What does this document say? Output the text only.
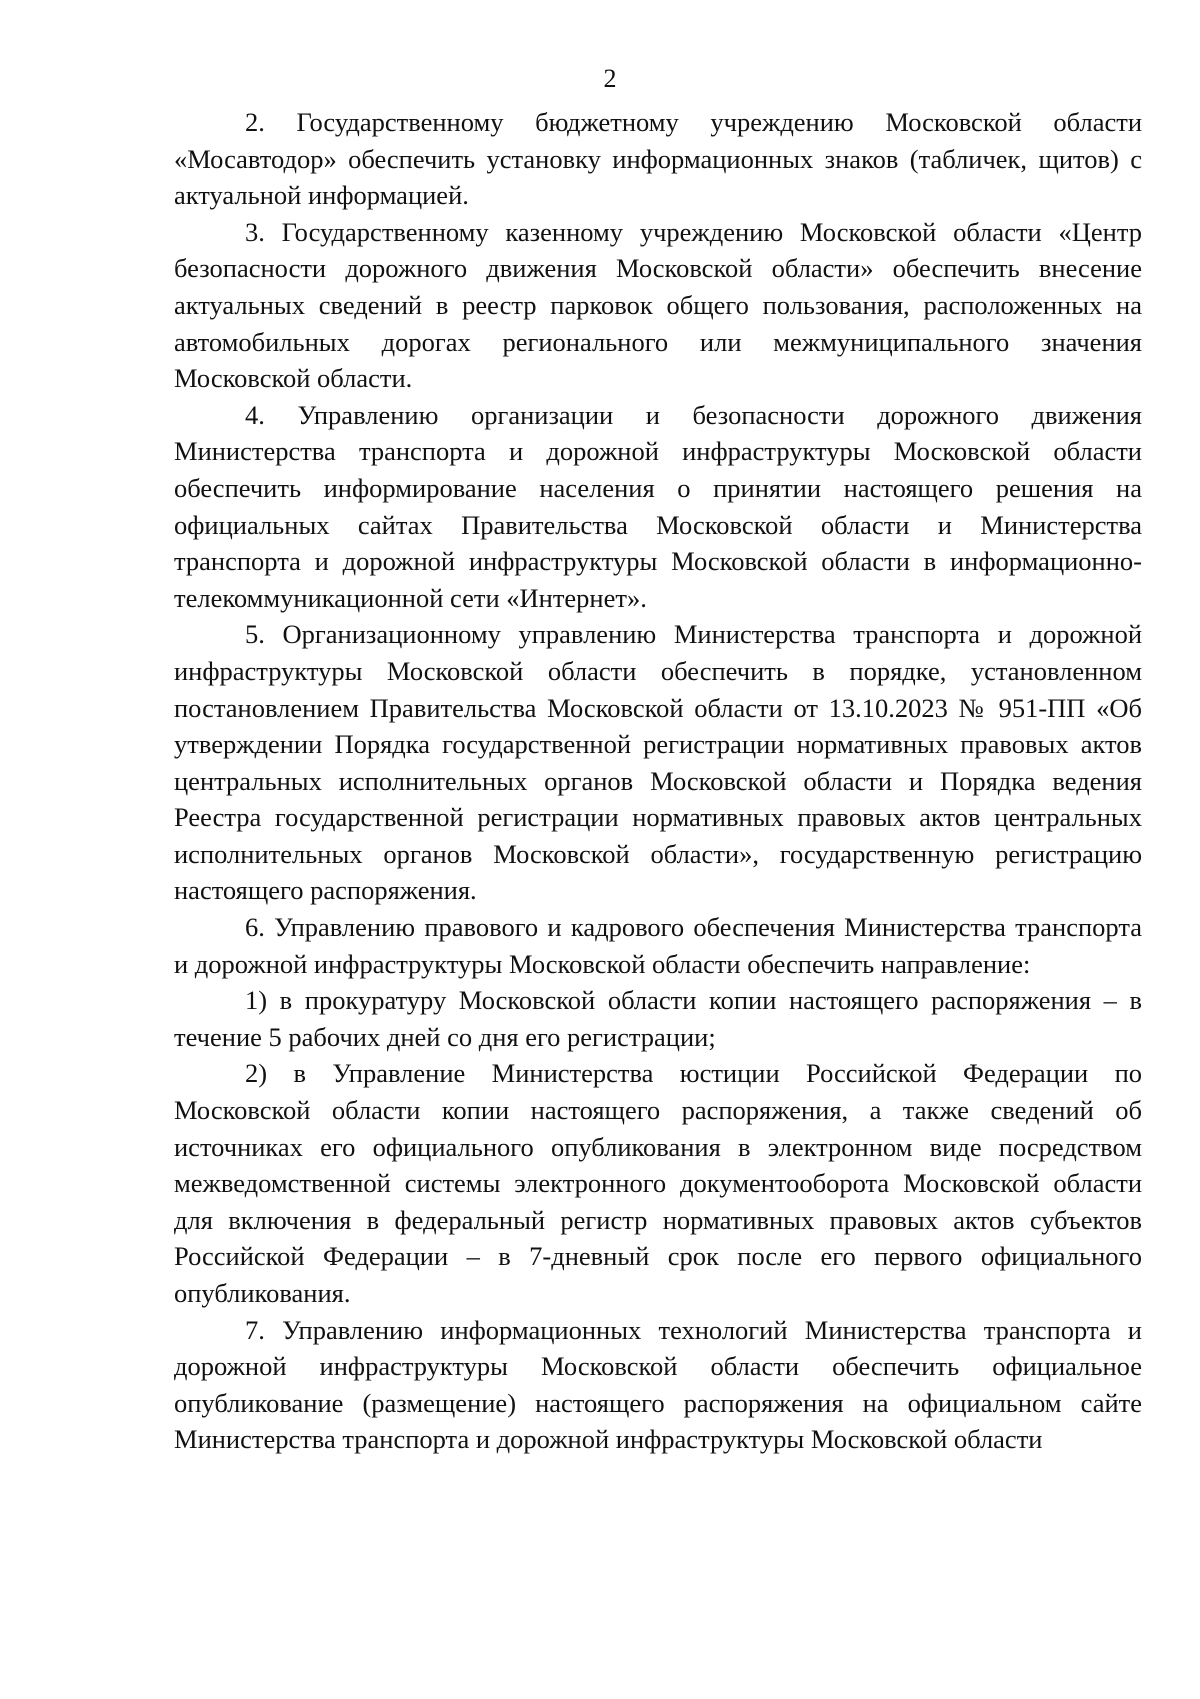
2

2. Государственному бюджетному учреждению Московской области «Мосавтодор» обеспечить установку информационных знаков (табличек, щитов) с актуальной информацией.

3. Государственному казенному учреждению Московской области «Центр безопасности дорожного движения Московской области» обеспечить внесение актуальных сведений в реестр парковок общего пользования, расположенных на автомобильных дорогах регионального или межмуниципального значения Московской области.

4. Управлению организации и безопасности дорожного движения Министерства транспорта и дорожной инфраструктуры Московской области обеспечить информирование населения о принятии настоящего решения на официальных сайтах Правительства Московской области и Министерства транспорта и дорожной инфраструктуры Московской области в информационно-телекоммуникационной сети «Интернет».

5. Организационному управлению Министерства транспорта и дорожной инфраструктуры Московской области обеспечить в порядке, установленном постановлением Правительства Московской области от 13.10.2023 № 951-ПП «Об утверждении Порядка государственной регистрации нормативных правовых актов центральных исполнительных органов Московской области и Порядка ведения Реестра государственной регистрации нормативных правовых актов центральных исполнительных органов Московской области», государственную регистрацию настоящего распоряжения.

6. Управлению правового и кадрового обеспечения Министерства транспорта и дорожной инфраструктуры Московской области обеспечить направление:

1) в прокуратуру Московской области копии настоящего распоряжения – в течение 5 рабочих дней со дня его регистрации;

2) в Управление Министерства юстиции Российской Федерации по Московской области копии настоящего распоряжения, а также сведений об источниках его официального опубликования в электронном виде посредством межведомственной системы электронного документооборота Московской области для включения в федеральный регистр нормативных правовых актов субъектов Российской Федерации – в 7-дневный срок после его первого официального опубликования.

7. Управлению информационных технологий Министерства транспорта и дорожной инфраструктуры Московской области обеспечить официальное опубликование (размещение) настоящего распоряжения на официальном сайте Министерства транспорта и дорожной инфраструктуры Московской области
